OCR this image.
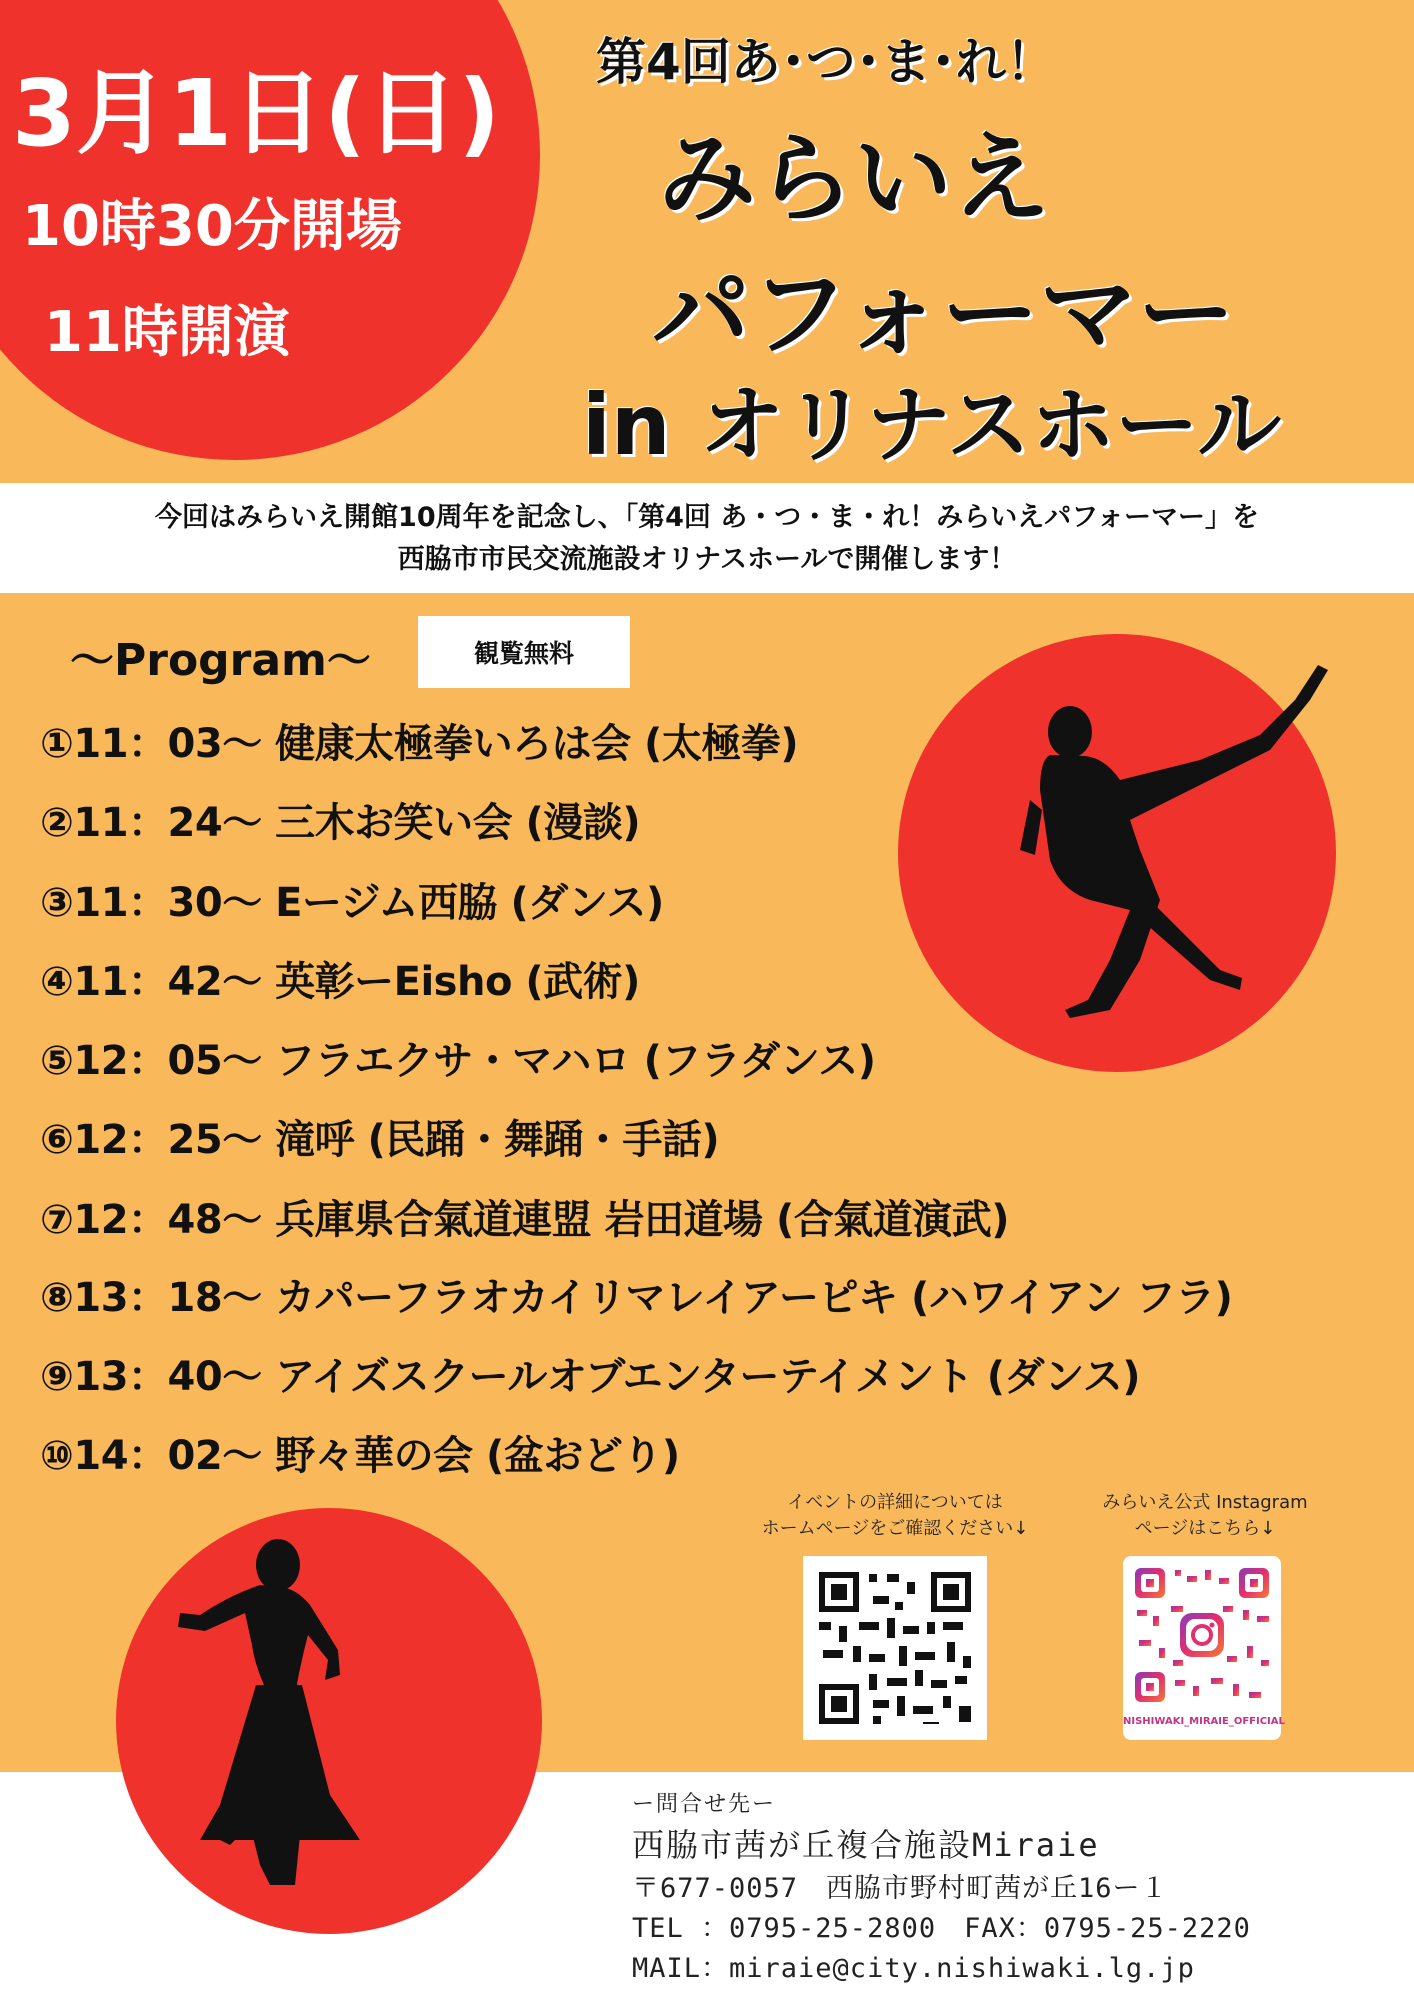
3月1日(日)
10時30分開場
11時開演
第4回あ･つ･ま･れ！
みらいえ
パフォーマー
in オリナスホール
今回はみらいえ開館10周年を記念し、「第4回 あ・つ・ま・れ！みらいえパフォーマー」を
西脇市市民交流施設オリナスホールで開催します！
～Program～	観覧無料
①11：03～ 健康太極拳いろは会 (太極拳)
②11：24～ 三木お笑い会 (漫談)
③11：30～ Eージム西脇 (ダンス)
④11：42～ 英彰ーEisho (武術)
⑤12：05～ フラエクサ・マハロ (フラダンス)
⑥12：25～ 滝呼 (民踊・舞踊・手話)
⑦12：48～ 兵庫県合氣道連盟 岩田道場 (合氣道演武)
⑧13：18～ カパーフラオカイリマレイアーピキ (ハワイアン フラ)
⑨13：40～ アイズスクールオブエンターテイメント (ダンス)
⑩14：02～ 野々華の会 (盆おどり)
イベントの詳細については
ホームページをご確認ください↓
みらいえ公式 Instagram
ページはこちら↓
NISHIWAKI_MIRAIE_OFFICIAL
ー問合せ先ー
西脇市茜が丘複合施設Miraie
〒677-0057　西脇市野村町茜が丘16ー１
TEL ：0795-25-2800　FAX：0795-25-2220
MAIL：miraie@city.nishiwaki.lg.jp
